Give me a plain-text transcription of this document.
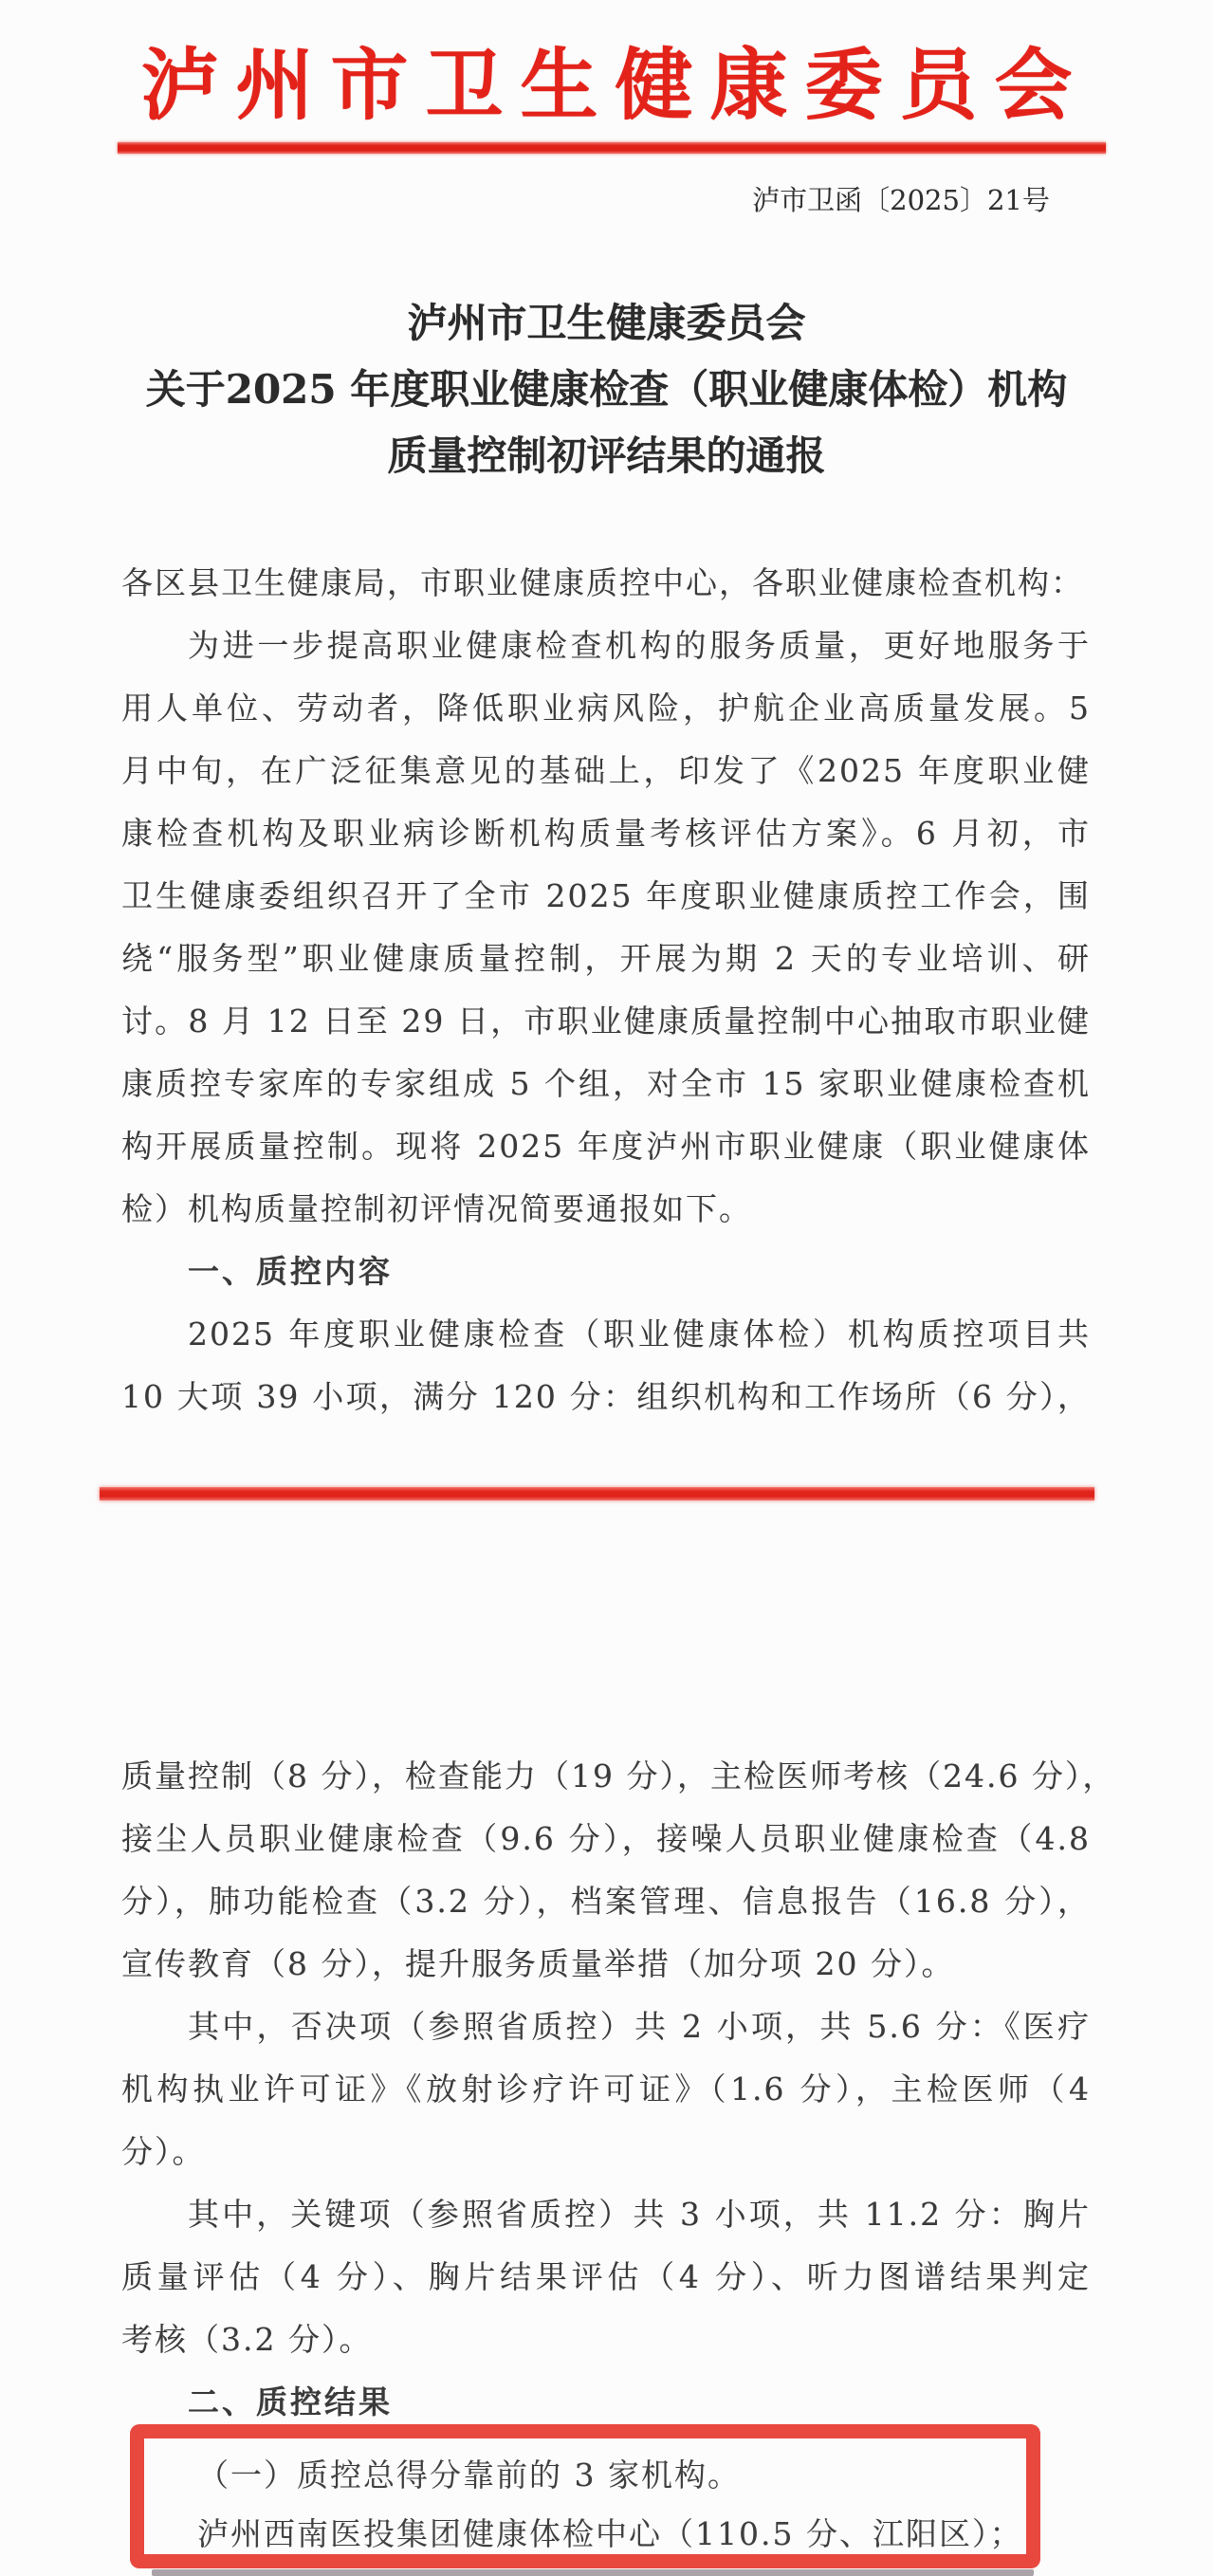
泸州市卫生健康委员会
泸市卫函〔2025〕21号
泸州市卫生健康委员会
关于2025 年度职业健康检查（职业健康体检）机构
质量控制初评结果的通报
各区县卫生健康局，市职业健康质控中心，各职业健康检查机构：
为进一步提高职业健康检查机构的服务质量，更好地服务于
用人单位、劳动者，降低职业病风险，护航企业高质量发展。5
月中旬，在广泛征集意见的基础上，印发了《2025 年度职业健
康检查机构及职业病诊断机构质量考核评估方案》。6 月初，市
卫生健康委组织召开了全市 2025 年度职业健康质控工作会，围
绕“服务型”职业健康质量控制，开展为期 2 天的专业培训、研
讨。8 月 12 日至 29 日，市职业健康质量控制中心抽取市职业健
康质控专家库的专家组成 5 个组，对全市 15 家职业健康检查机
构开展质量控制。现将 2025 年度泸州市职业健康（职业健康体
检）机构质量控制初评情况简要通报如下。
一、质控内容
2025 年度职业健康检查（职业健康体检）机构质控项目共
10 大项 39 小项，满分 120 分：组织机构和工作场所（6 分），
质量控制（8 分），检查能力（19 分），主检医师考核（24.6 分），
接尘人员职业健康检查（9.6 分），接噪人员职业健康检查（4.8
分），肺功能检查（3.2 分），档案管理、信息报告（16.8 分），
宣传教育（8 分），提升服务质量举措（加分项 20 分）。
其中，否决项（参照省质控）共 2 小项，共 5.6 分：《医疗
机构执业许可证》《放射诊疗许可证》（1.6 分），主检医师（4
分）。
其中，关键项（参照省质控）共 3 小项，共 11.2 分：胸片
质量评估（4 分）、胸片结果评估（4 分）、听力图谱结果判定
考核（3.2 分）。
二、质控结果
（一）质控总得分靠前的 3 家机构。
泸州西南医投集团健康体检中心（110.5 分、江阳区）；
